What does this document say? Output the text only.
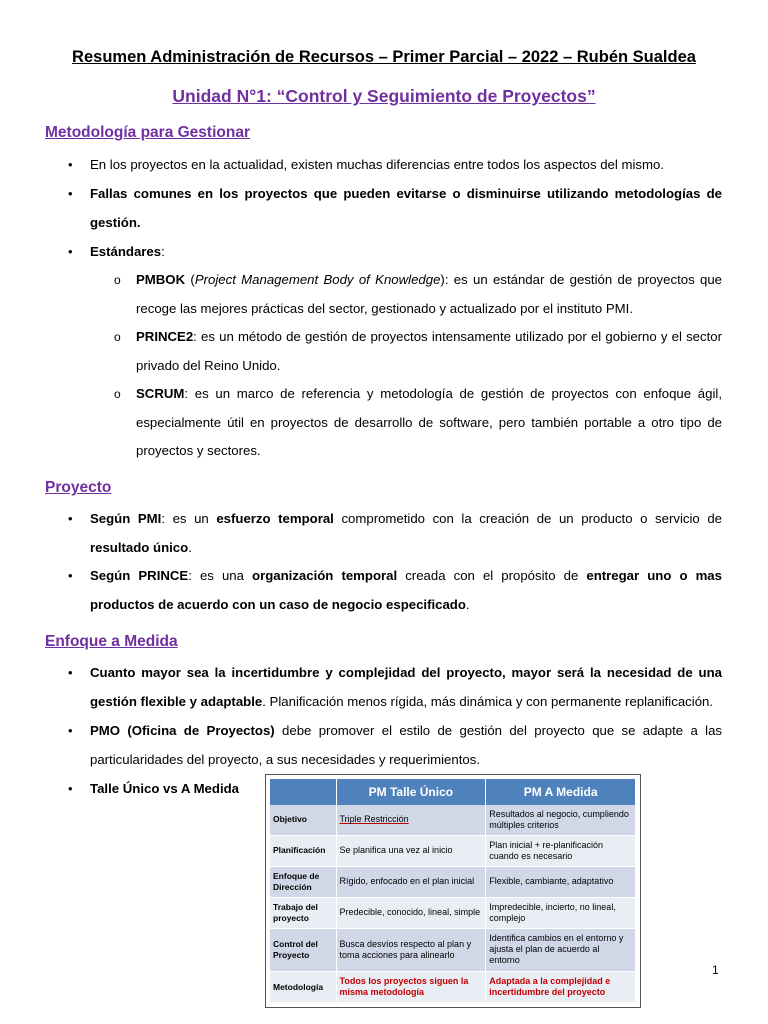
Resumen Administración de Recursos – Primer Parcial – 2022 – Rubén Sualdea
Unidad N°1: “Control y Seguimiento de Proyectos”
Metodología para Gestionar

• En los proyectos en la actualidad, existen muchas diferencias entre todos los aspectos del mismo.

• Fallas comunes en los proyectos que pueden evitarse o disminuirse utilizando metodologías de gestión.

• Estándares:

o PMBOK (Project Management Body of Knowledge): es un estándar de gestión de proyectos que recoge las mejores prácticas del sector, gestionado y actualizado por el instituto PMI.

o PRINCE2: es un método de gestión de proyectos intensamente utilizado por el gobierno y el sector privado del Reino Unido.

o SCRUM: es un marco de referencia y metodología de gestión de proyectos con enfoque ágil, especialmente útil en proyectos de desarrollo de software, pero también portable a otro tipo de proyectos y sectores.

Proyecto

• Según PMI: es un esfuerzo temporal comprometido con la creación de un producto o servicio de resultado único.

• Según PRINCE: es una organización temporal creada con el propósito de entregar uno o mas productos de acuerdo con un caso de negocio especificado.

Enfoque a Medida

• Cuanto mayor sea la incertidumbre y complejidad del proyecto, mayor será la necesidad de una gestión flexible y adaptable. Planificación menos rígida, más dinámica y con permanente replanificación.

• PMO (Oficina de Proyectos) debe promover el estilo de gestión del proyecto que se adapte a las particularidades del proyecto, a sus necesidades y requerimientos.

• Talle Único vs A Medida

		PM Talle Único	PM A Medida
Objetivo	Triple Restricción	Resultados al negocio, cumpliendo múltiples criterios
Planificación	Se planifica una vez al inicio	Plan inicial + re-planificación cuando es necesario
Enfoque de Dirección	Rígido, enfocado en el plan inicial	Flexible, cambiante, adaptativo
Trabajo del proyecto	Predecible, conocido, lineal, simple	Impredecible, incierto, no lineal, complejo
Control del Proyecto	Busca desvíos respecto al plan y toma acciones para alinearlo	Identifica cambios en el entorno y ajusta el plan de acuerdo al entorno
Metodología	Todos los proyectos siguen la misma metodología	Adaptada a la complejidad e incertidumbre del proyecto
1
